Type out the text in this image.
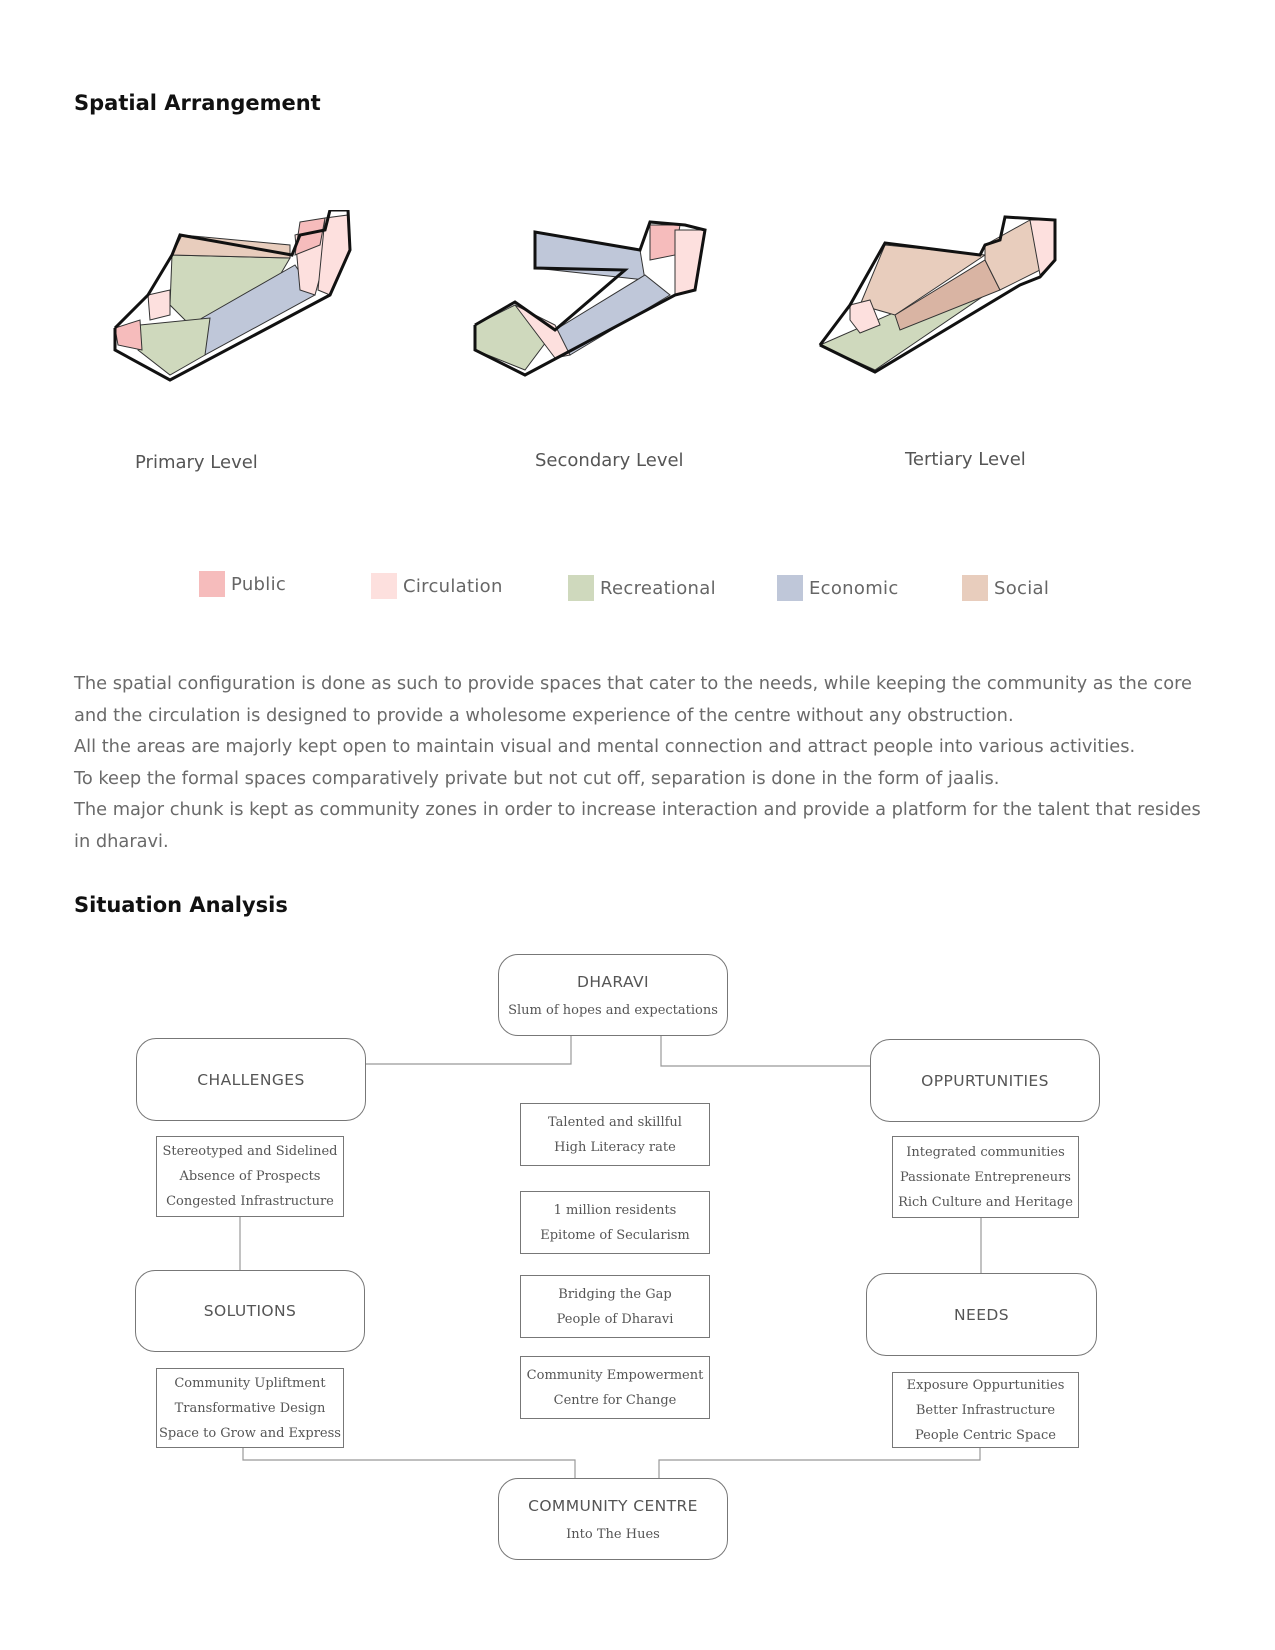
Spatial Arrangement
Primary Level	Secondary Level	Tertiary Level
Public	Circulation	Recreational	Economic	Social

The spatial configuration is done as such to provide spaces that cater to the needs, while keeping the community as the core and the circulation is designed to provide a wholesome experience of the centre without any obstruction.

All the areas are majorly kept open to maintain visual and mental connection and attract people into various activities.

To keep the formal spaces comparatively private but not cut off, separation is done in the form of jaalis.

The major chunk is kept as community zones in order to increase interaction and provide a platform for the talent that resides in dharavi.

Situation Analysis
DHARAVI
Slum of hopes and expectations
CHALLENGES	OPPURTUNITIES
SOLUTIONS	NEEDS
COMMUNITY CENTRE
Into The Hues
Stereotyped and Sidelined
Absence of Prospects
Congested Infrastructure
Integrated communities
Passionate Entrepreneurs
Rich Culture and Heritage
Community Upliftment
Transformative Design
Space to Grow and Express
Exposure Oppurtunities
Better Infrastructure
People Centric Space
Talented and skillful
High Literacy rate
1 million residents
Epitome of Secularism
Bridging the Gap
People of Dharavi
Community Empowerment
Centre for Change
